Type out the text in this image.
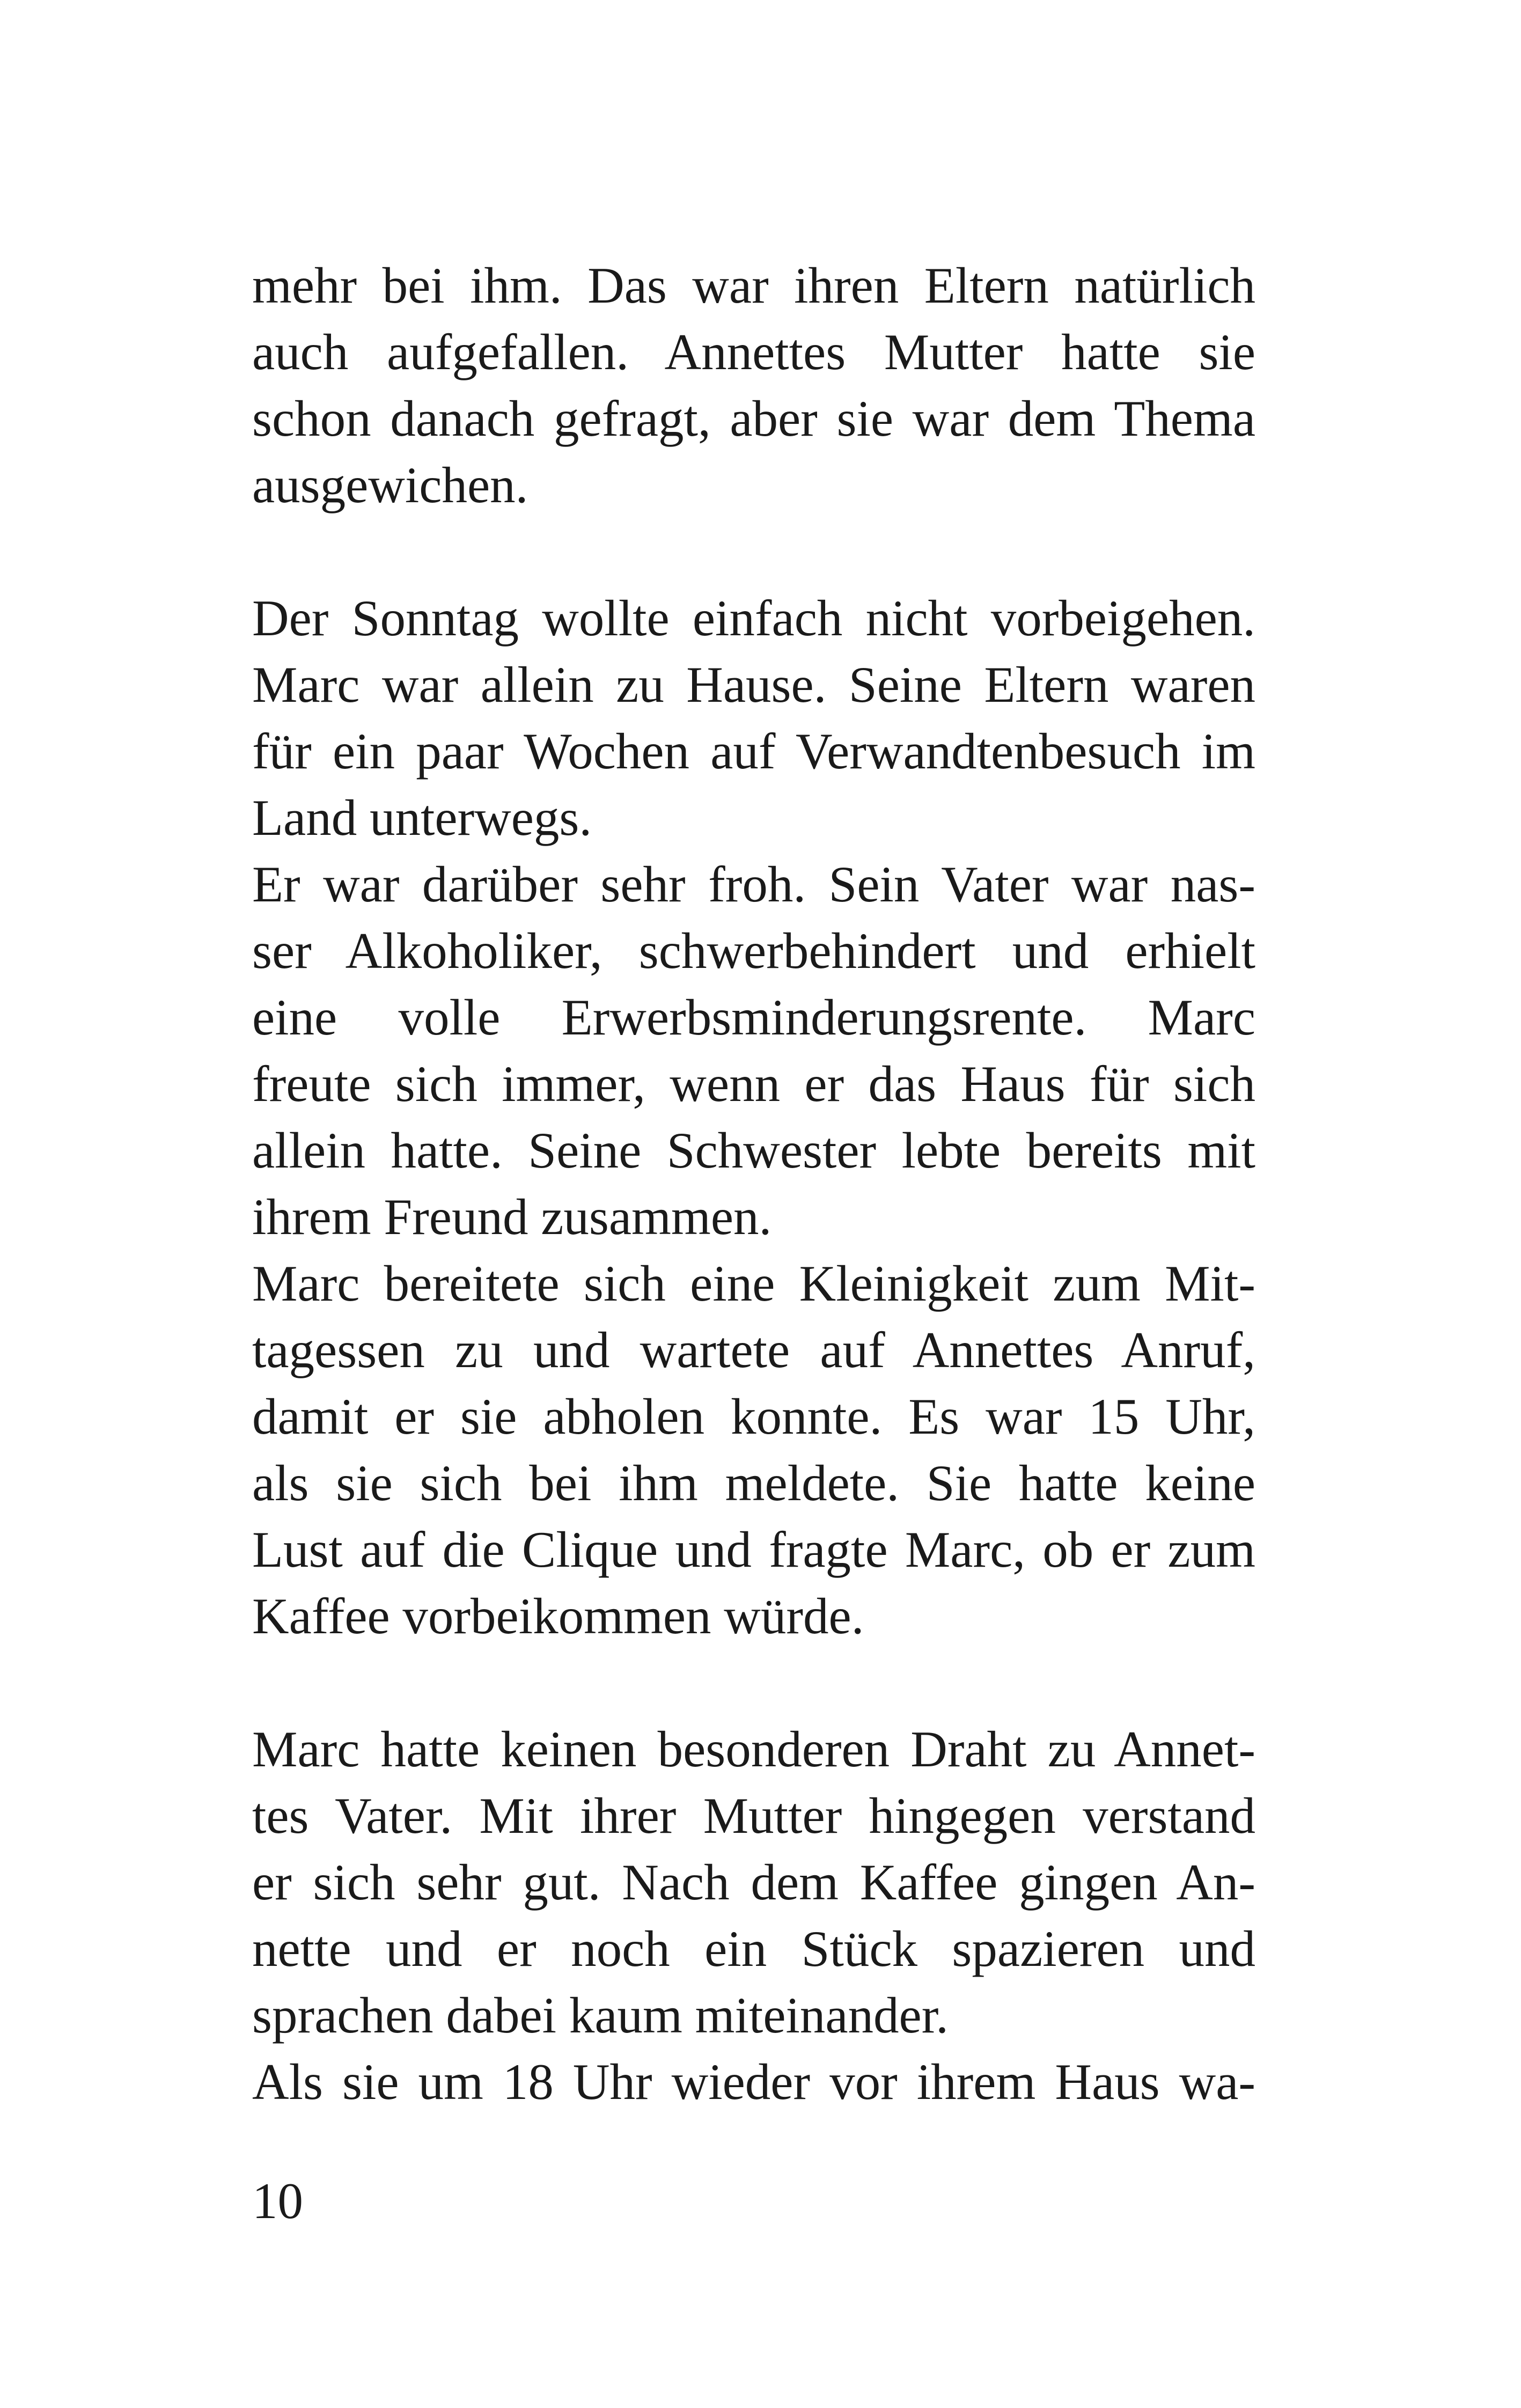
mehr bei ihm. Das war ihren Eltern natürlich
auch aufgefallen. Annettes Mutter hatte sie
schon danach gefragt, aber sie war dem Thema
ausgewichen.
Der Sonntag wollte einfach nicht vorbeigehen.
Marc war allein zu Hause. Seine Eltern waren
für ein paar Wochen auf Verwandtenbesuch im
Land unterwegs.
Er war darüber sehr froh. Sein Vater war nas-
ser Alkoholiker, schwerbehindert und erhielt
eine volle Erwerbsminderungsrente. Marc
freute sich immer, wenn er das Haus für sich
allein hatte. Seine Schwester lebte bereits mit
ihrem Freund zusammen.
Marc bereitete sich eine Kleinigkeit zum Mit-
tagessen zu und wartete auf Annettes Anruf,
damit er sie abholen konnte. Es war 15 Uhr,
als sie sich bei ihm meldete. Sie hatte keine
Lust auf die Clique und fragte Marc, ob er zum
Kaffee vorbeikommen würde.
Marc hatte keinen besonderen Draht zu Annet-
tes Vater. Mit ihrer Mutter hingegen verstand
er sich sehr gut. Nach dem Kaffee gingen An-
nette und er noch ein Stück spazieren und
sprachen dabei kaum miteinander.
Als sie um 18 Uhr wieder vor ihrem Haus wa-
10
